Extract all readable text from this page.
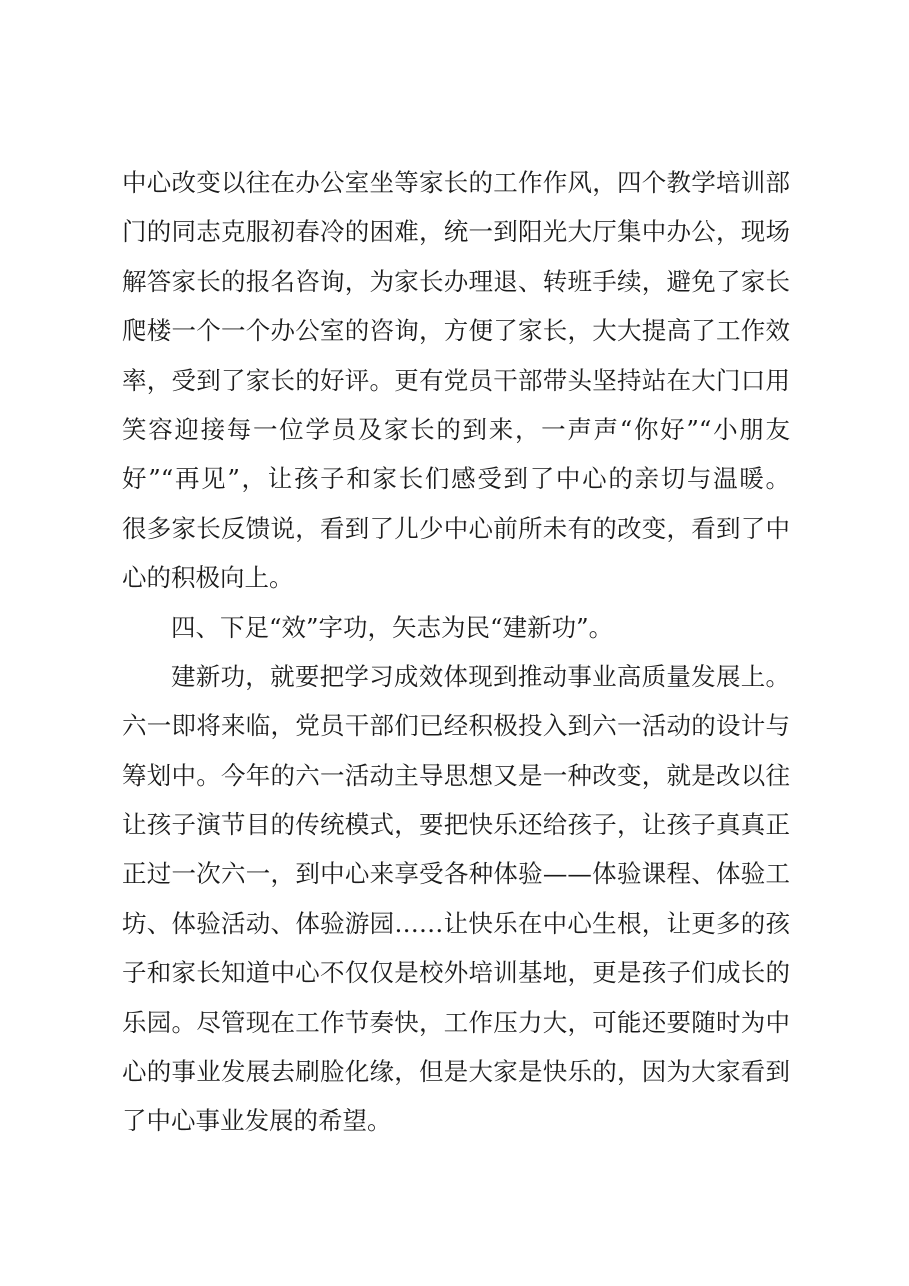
中心改变以往在办公室坐等家长的工作作风，四个教学培训部
门的同志克服初春冷的困难，统一到阳光大厅集中办公，现场
解答家长的报名咨询，为家长办理退、转班手续，避免了家长
爬楼一个一个办公室的咨询，方便了家长，大大提高了工作效
率，受到了家长的好评。更有党员干部带头坚持站在大门口用
笑容迎接每一位学员及家长的到来，一声声“你好”“小朋友
好”“再见”，让孩子和家长们感受到了中心的亲切与温暖。
很多家长反馈说，看到了儿少中心前所未有的改变，看到了中
心的积极向上。
四、下足“效”字功，矢志为民“建新功”。
建新功，就要把学习成效体现到推动事业高质量发展上。
六一即将来临，党员干部们已经积极投入到六一活动的设计与
筹划中。今年的六一活动主导思想又是一种改变，就是改以往
让孩子演节目的传统模式，要把快乐还给孩子，让孩子真真正
正过一次六一，到中心来享受各种体验——体验课程、体验工
坊、体验活动、体验游园……让快乐在中心生根，让更多的孩
子和家长知道中心不仅仅是校外培训基地，更是孩子们成长的
乐园。尽管现在工作节奏快，工作压力大，可能还要随时为中
心的事业发展去刷脸化缘，但是大家是快乐的，因为大家看到
了中心事业发展的希望。
